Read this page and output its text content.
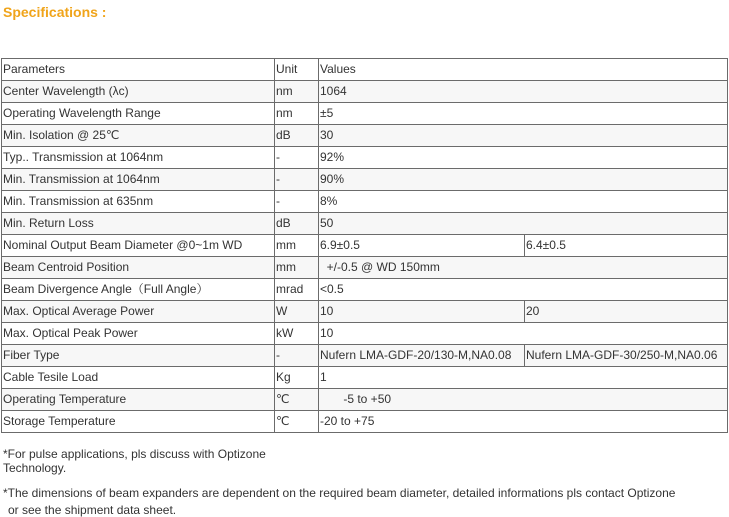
Specifications :
Parameters	Unit	Values	
Center Wavelength (λc)	nm	1064	
Operating Wavelength Range	nm	±5	
Min. Isolation @ 25℃	dB	30	
Typ.. Transmission at 1064nm	-	92%	
Min. Transmission at 1064nm	-	90%	
Min. Transmission at 635nm	-	8%	
Min. Return Loss	dB	50	
Nominal Output Beam Diameter @0~1m WD	mm	6.9±0.5	6.4±0.5
Beam Centroid Position	mm	+/-0.5 @ WD 150mm	
Beam Divergence Angle（Full Angle）	mrad	<0.5	
Max. Optical Average Power	W	10	20
Max. Optical Peak Power	kW	10	
Fiber Type	-	Nufern LMA-GDF-20/130-M,NA0.08	Nufern LMA-GDF-30/250-M,NA0.06
Cable Tesile Load	Kg	1	
Operating Temperature	℃	-5 to +50	
Storage Temperature	℃	-20 to +75	
*For pulse applications, pls discuss with Optizone Technology.
*The dimensions of beam expanders are dependent on the required beam diameter, detailed informations pls contact Optizone
or see the shipment data sheet.
